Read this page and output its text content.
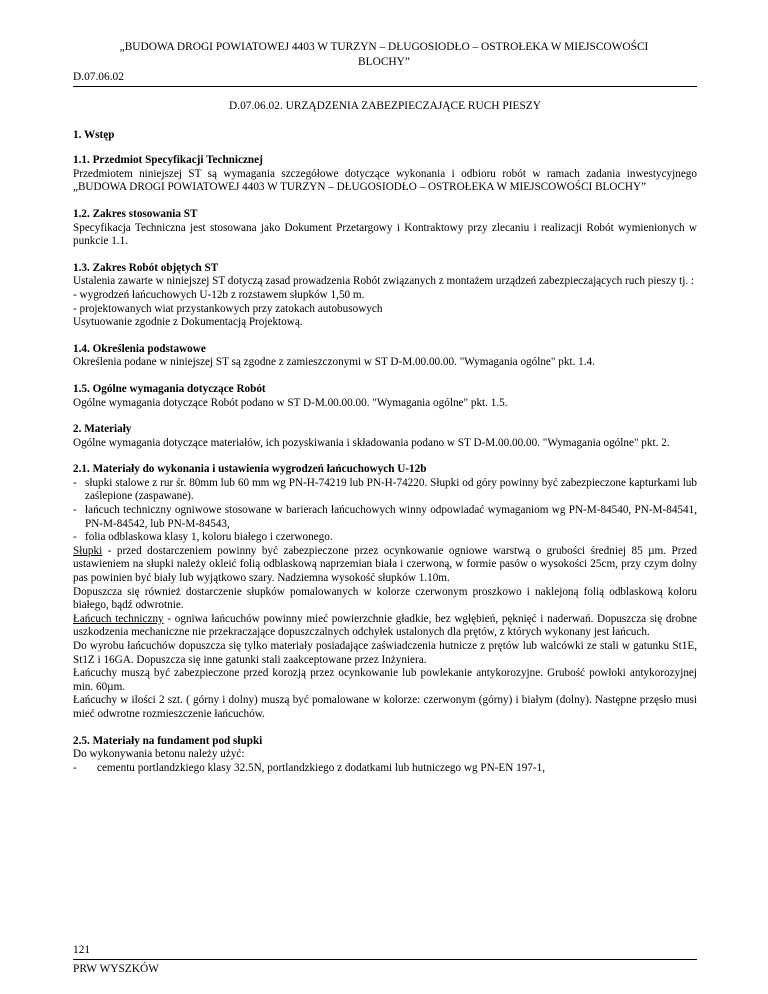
„BUDOWA DROGI POWIATOWEJ 4403 W TURZYN – DŁUGOSIODŁO – OSTROŁEKA W MIEJSCOWOŚCI
BLOCHY”
D.07.06.02
D.07.06.02. URZĄDZENIA ZABEZPIECZAJĄCE RUCH PIESZY
1. Wstęp
1.1. Przedmiot Specyfikacji Technicznej

Przedmiotem niniejszej ST są wymagania szczegółowe dotyczące wykonania i odbioru robót w ramach zadania inwestycyjnego „BUDOWA DROGI POWIATOWEJ 4403 W TURZYN – DŁUGOSIODŁO – OSTROŁEKA W MIEJSCOWOŚCI BLOCHY”

1.2. Zakres stosowania ST

Specyfikacja Techniczna jest stosowana jako Dokument Przetargowy i Kontraktowy przy zlecaniu i realizacji Robót wymienionych w punkcie 1.1.

1.3. Zakres Robót objętych ST

Ustalenia zawarte w niniejszej ST dotyczą zasad prowadzenia Robót związanych z montażem urządzeń zabezpieczających ruch pieszy tj. :

- wygrodzeń łańcuchowych U-12b z rozstawem słupków 1,50 m.

- projektowanych wiat przystankowych przy zatokach autobusowych

Usytuowanie zgodnie z Dokumentacją Projektową.

1.4. Określenia podstawowe

Określenia podane w niniejszej ST są zgodne z zamieszczonymi w ST D-M.00.00.00. "Wymagania ogólne" pkt. 1.4.

1.5. Ogólne wymagania dotyczące Robót

Ogólne wymagania dotyczące Robót podano w ST D-M.00.00.00. "Wymagania ogólne" pkt. 1.5.

2. Materiały

Ogólne wymagania dotyczące materiałów, ich pozyskiwania i składowania podano w ST D-M.00.00.00. "Wymagania ogólne" pkt. 2.

2.1. Materiały do wykonania i ustawienia wygrodzeń łańcuchowych U-12b
- słupki stalowe z rur śr. 80mm lub 60 mm wg PN-H-74219 lub PN-H-74220. Słupki od góry powinny być zabezpieczone kapturkami lub zaślepione (zaspawane).
- łańcuch techniczny ogniwowe stosowane w barierach łańcuchowych winny odpowiadać wymaganiom wg PN-M-84540, PN-M-84541, PN-M-84542, lub PN-M-84543,
- folia odblaskowa klasy 1, koloru białego i czerwonego.

Słupki - przed dostarczeniem powinny być zabezpieczone przez ocynkowanie ogniowe warstwą o grubości średniej 85 µm. Przed ustawieniem na słupki należy okleić folią odblaskową naprzemian biała i czerwoną, w formie pasów o wysokości 25cm, przy czym dolny pas powinien być biały lub wyjątkowo szary. Nadziemna wysokość słupków 1.10m.

Dopuszcza się również dostarczenie słupków pomalowanych w kolorze czerwonym proszkowo i naklejoną folią odblaskową koloru białego, bądź odwrotnie.

Łańcuch techniczny - ogniwa łańcuchów powinny mieć powierzchnie gładkie, bez wgłębień, pęknięć i naderwań. Dopuszcza się drobne uszkodzenia mechaniczne nie przekraczające dopuszczalnych odchyłek ustalonych dla prętów, z których wykonany jest łańcuch.

Do wyrobu łańcuchów dopuszcza się tylko materiały posiadające zaświadczenia hutnicze z prętów lub walcówki ze stali w gatunku St1E, St1Z i 16GA. Dopuszcza się inne gatunki stali zaakceptowane przez Inżyniera.

Łańcuchy muszą być zabezpieczone przed korozją przez ocynkowanie lub powlekanie antykorozyjne. Grubość powłoki antykorozyjnej min. 60µm.

Łańcuchy w ilości 2 szt. ( górny i dolny) muszą być pomalowane w kolorze: czerwonym (górny) i białym (dolny). Następne przęsło musi mieć odwrotne rozmieszczenie łańcuchów.

2.5. Materiały na fundament pod słupki

Do wykonywania betonu należy użyć:

-	cementu portlandzkiego klasy 32.5N, portlandzkiego z dodatkami lub hutniczego wg PN-EN 197-1,
121
PRW WYSZKÓW
